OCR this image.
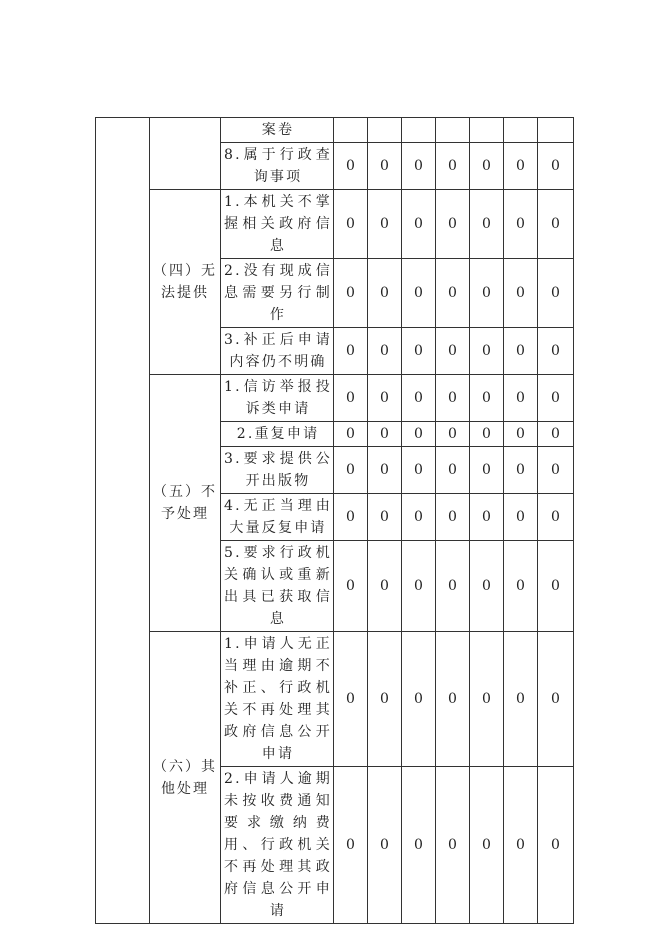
		案卷							
		8.属于行政查询事项	0	0	0	0	0	0	0
	（四）无法提供	1.本机关不掌握相关政府信息	0	0	0	0	0	0	0
		2.没有现成信息需要另行制作	0	0	0	0	0	0	0
		3.补正后申请内容仍不明确	0	0	0	0	0	0	0
	（五）不予处理	1.信访举报投诉类申请	0	0	0	0	0	0	0
		2.重复申请	0	0	0	0	0	0	0
		3.要求提供公开出版物	0	0	0	0	0	0	0
		4.无正当理由大量反复申请	0	0	0	0	0	0	0
		5.要求行政机关确认或重新出具已获取信息	0	0	0	0	0	0	0
	（六）其他处理	1.申请人无正当理由逾期不补正、行政机关不再处理其政府信息公开申请	0	0	0	0	0	0	0
		2.申请人逾期未按收费通知要求缴纳费用、行政机关不再处理其政府信息公开申请	0	0	0	0	0	0	0
